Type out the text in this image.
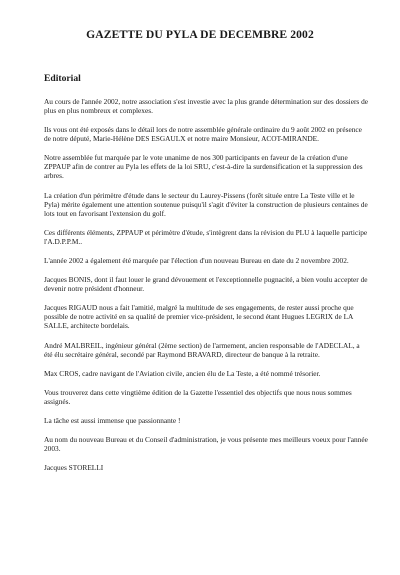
GAZETTE DU PYLA DE DECEMBRE 2002
Editorial

Au cours de l'année 2002, notre association s'est investie avec la plus grande détermination sur des dossiers de plus en plus nombreux et complexes.

Ils vous ont été exposés dans le détail lors de notre assemblée générale ordinaire du 9 août 2002 en présence de notre député, Marie-Hélène DES ESGAULX et notre maire Monsieur, ACOT-MIRANDE.

Notre assemblée fut marquée par le vote unanime de nos 300 participants en faveur de la création d'une ZPPAUP afin de contrer au Pyla les effets de la loi SRU, c'est-à-dire la surdensification et la suppression des arbres.

La création d'un périmètre d'étude dans le secteur du Laurey-Pissens (forêt située entre La Teste ville et le Pyla) mérite également une attention soutenue puisqu'il s'agit d'éviter la construction de plusieurs centaines de lots tout en favorisant l'extension du golf.

Ces différents éléments, ZPPAUP et périmètre d'étude, s'intègrent dans la révision du PLU à laquelle participe l'A.D.P.P.M..

L'année 2002 a également été marquée par l'élection d'un nouveau Bureau en date du 2 novembre 2002.

Jacques BONIS, dont il faut louer le grand dévouement et l'exceptionnelle pugnacité, a bien voulu accepter de devenir notre président d'honneur.

Jacques RIGAUD nous a fait l'amitié, malgré la multitude de ses engagements, de rester aussi proche que possible de notre activité en sa qualité de premier vice-président, le second étant Hugues LEGRIX de LA SALLE, architecte bordelais.

André MALBREIL, ingénieur général (2ème section) de l'armement, ancien responsable de l'ADECLAL, a été élu secrétaire général, secondé par Raymond BRAVARD, directeur de banque à la retraite.

Max CROS, cadre navigant de l'Aviation civile, ancien élu de La Teste, a été nommé trésorier.

Vous trouverez dans cette vingtième édition de la Gazette l'essentiel des objectifs que nous nous sommes assignés.

La tâche est aussi immense que passionnante !

Au nom du nouveau Bureau et du Conseil d'administration, je vous présente mes meilleurs voeux pour l'année 2003.

Jacques STORELLI
